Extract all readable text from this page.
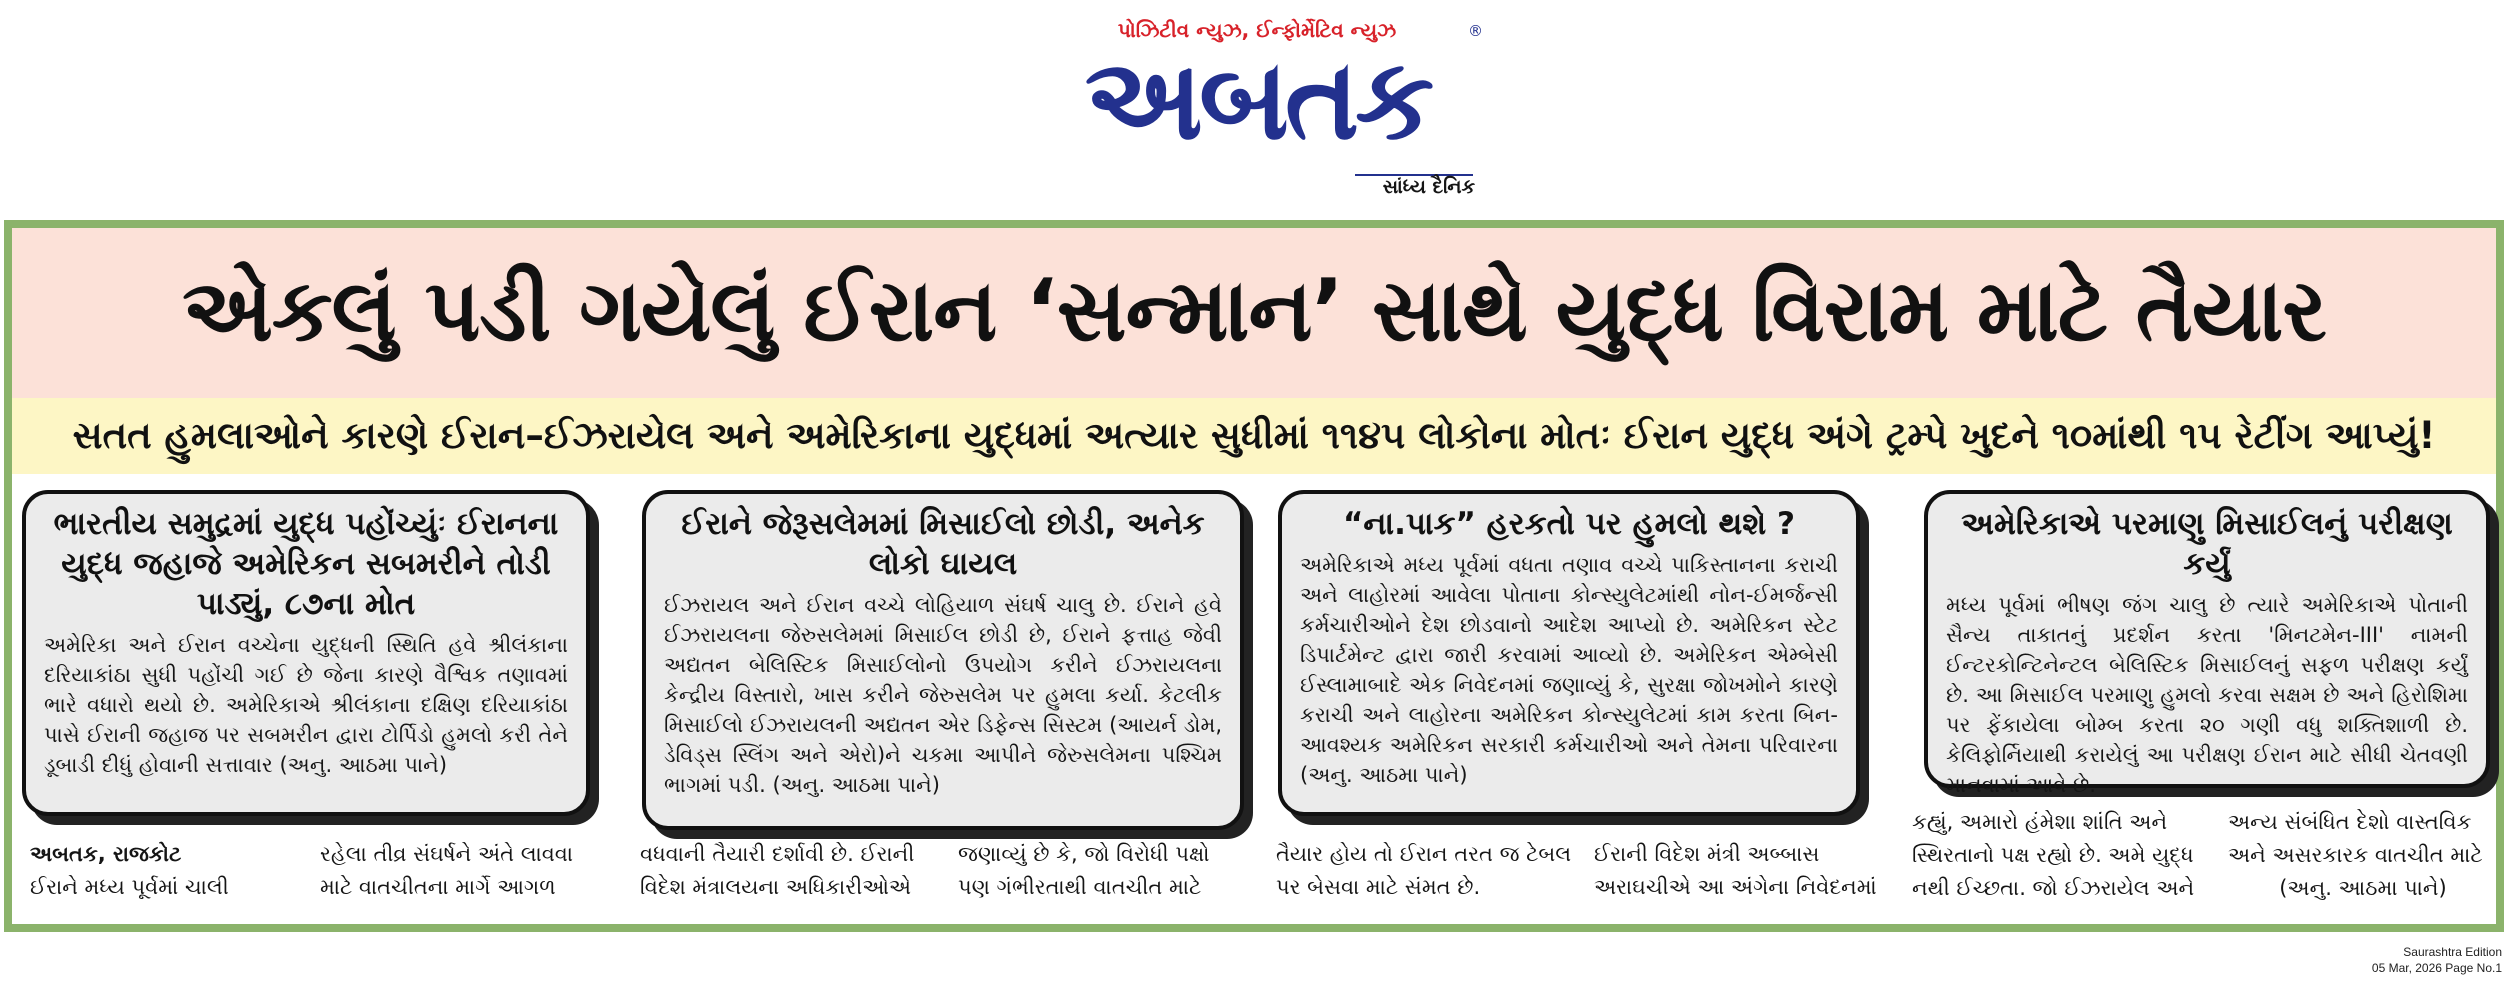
પોઝિટીવ ન્યુઝ, ઈન્ફોર્મેટિવ ન્યુઝ
અબતક
®
સાંધ્ય દૈનિક
એકલું પડી ગયેલું ઈરાન ‘સન્માન’ સાથે યુદ્ધ વિરામ માટે તૈયાર
સતત હુમલાઓને કારણે ઈરાન–ઈઝરાયેલ અને અમેરિકાના યુદ્ધમાં અત્યાર સુધીમાં ૧૧૪૫ લોકોના મોતઃ ઈરાન યુદ્ધ અંગે ટ્રમ્પે ખુદને ૧૦માંથી ૧૫ રેટીંગ આપ્યું!
ભારતીય સમુદ્રમાં યુદ્ધ પહોંચ્યુંઃ ઈરાનના યુદ્ધ જહાજે અમેરિકન સબમરીને તોડી પાડ્યું, ૮૭ના મોત

અમેરિકા અને ઈરાન વચ્ચેના યુદ્ધની સ્થિતિ હવે શ્રીલંકાના દરિયાકાંઠા સુધી પહોંચી ગઈ છે જેના કારણે વૈશ્વિક તણાવમાં ભારે વધારો થયો છે. અમેરિકાએ શ્રીલંકાના દક્ષિણ દરિયાકાંઠા પાસે ઈરાની જહાજ પર સબમરીન દ્વારા ટોર્પિડો હુમલો કરી તેને ડૂબાડી દીધું હોવાની સત્તાવાર (અનુ. આઠમા પાને)

ઈરાને જેરૂસલેમમાં મિસાઈલો છોડી, અનેક લોકો ઘાયલ

ઈઝરાયલ અને ઈરાન વચ્ચે લોહિયાળ સંઘર્ષ ચાલુ છે. ઈરાને હવે ઈઝરાયલના જેરુસલેમમાં મિસાઈલ છોડી છે, ઈરાને ફત્તાહ જેવી અદ્યતન બેલિસ્ટિક મિસાઈલોનો ઉપયોગ કરીને ઈઝરાયલના કેન્દ્રીય વિસ્તારો, ખાસ કરીને જેરુસલેમ પર હુમલા કર્યા. કેટલીક મિસાઈલો ઈઝરાયલની અદ્યતન એર ડિફેન્સ સિસ્ટમ (આયર્ન ડોમ, ડેવિડ્સ સ્લિંગ અને એરો)ને ચકમા આપીને જેરુસલેમના પશ્ચિમ ભાગમાં પડી. (અનુ. આઠમા પાને)

“ના.પાક” હરકતો પર હુમલો થશે ?

અમેરિકાએ મધ્ય પૂર્વમાં વધતા તણાવ વચ્ચે પાકિસ્તાનના કરાચી અને લાહોરમાં આવેલા પોતાના કોન્સ્યુલેટમાંથી નોન-ઈમર્જન્સી કર્મચારીઓને દેશ છોડવાનો આદેશ આપ્યો છે. અમેરિકન સ્ટેટ ડિપાર્ટમેન્ટ દ્વારા જારી કરવામાં આવ્યો છે. અમેરિકન એમ્બેસી ઈસ્લામાબાદે એક નિવેદનમાં જણાવ્યું કે, સુરક્ષા જોખમોને કારણે કરાચી અને લાહોરના અમેરિકન કોન્સ્યુલેટમાં કામ કરતા બિન-આવશ્યક અમેરિકન સરકારી કર્મચારીઓ અને તેમના પરિવારના (અનુ. આઠમા પાને)

અમેરિકાએ પરમાણુ મિસાઈલનું પરીક્ષણ કર્યું

મધ્ય પૂર્વમાં ભીષણ જંગ ચાલુ છે ત્યારે અમેરિકાએ પોતાની સૈન્ય તાકાતનું પ્રદર્શન કરતા 'મિનટમેન-III' નામની ઈન્ટરકોન્ટિનેન્ટલ બેલિસ્ટિક મિસાઈલનું સફળ પરીક્ષણ કર્યું છે. આ મિસાઈલ પરમાણુ હુમલો કરવા સક્ષમ છે અને હિરોશિમા પર ફેંકાયેલા બોમ્બ કરતા ૨૦ ગણી વધુ શક્તિશાળી છે. કેલિફોર્નિયાથી કરાયેલું આ પરીક્ષણ ઈરાન માટે સીધી ચેતવણી માનવામાં આવે છે.

અબતક, રાજકોટ
ઈરાને મધ્ય પૂર્વમાં ચાલી
રહેલા તીવ્ર સંઘર્ષને અંતે લાવવા
માટે વાતચીતના માર્ગે આગળ
વધવાની તૈયારી દર્શાવી છે. ઈરાની
વિદેશ મંત્રાલયના અધિકારીઓએ
જણાવ્યું છે કે, જો વિરોધી પક્ષો
પણ ગંભીરતાથી વાતચીત માટે
તૈયાર હોય તો ઈરાન તરત જ ટેબલ
પર બેસવા માટે સંમત છે.
ઈરાની વિદેશ મંત્રી અબ્બાસ
અરાઘચીએ આ અંગેના નિવેદનમાં
કહ્યું, અમારો હંમેશા શાંતિ અને
સ્થિરતાનો પક્ષ રહ્યો છે. અમે યુદ્ધ
નથી ઈચ્છતા. જો ઈઝરાયેલ અને
અન્ય સંબંધિત દેશો વાસ્તવિક
અને અસરકારક વાતચીત માટે
(અનુ. આઠમા પાને)
Saurashtra Edition
05 Mar, 2026 Page No.1
